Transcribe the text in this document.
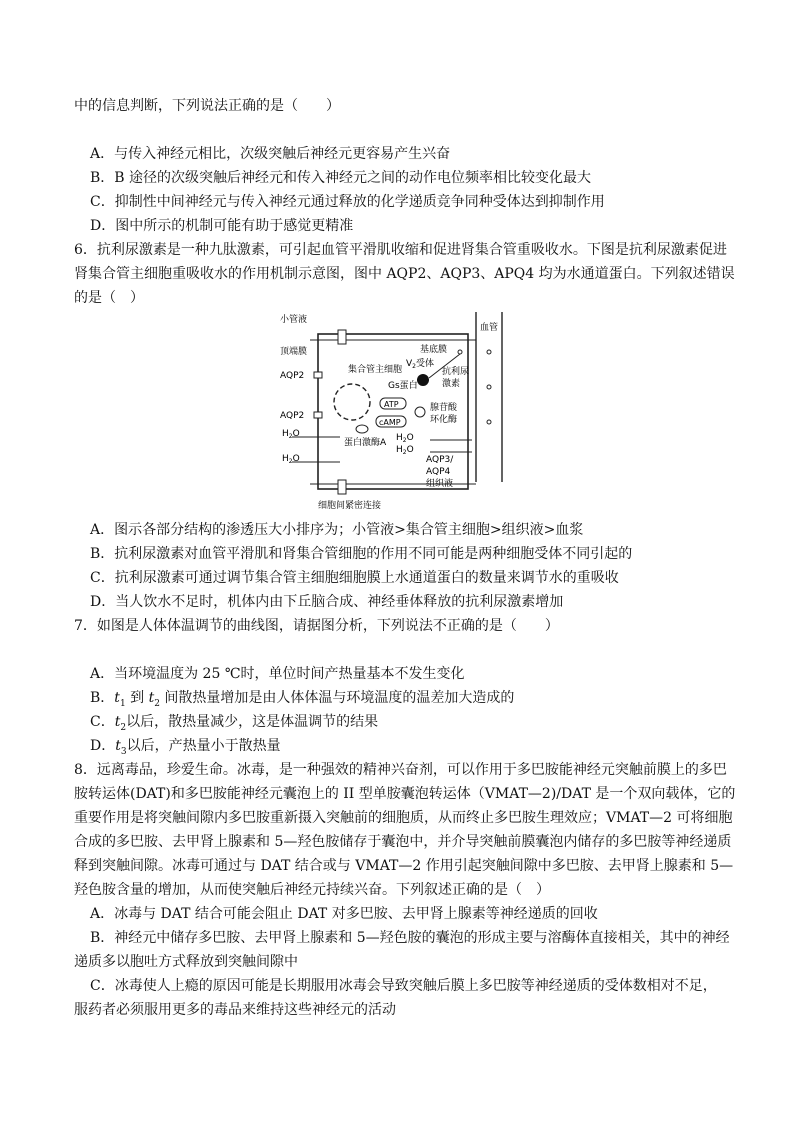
中的信息判断，下列说法正确的是（　　）
A．与传入神经元相比，次级突触后神经元更容易产生兴奋
B．B 途径的次级突触后神经元和传入神经元之间的动作电位频率相比较变化最大
C．抑制性中间神经元与传入神经元通过释放的化学递质竞争同种受体达到抑制作用
D．图中所示的机制可能有助于感觉更精准
6．抗利尿激素是一种九肽激素，可引起血管平滑肌收缩和促进肾集合管重吸收水。下图是抗利尿激素促进
肾集合管主细胞重吸收水的作用机制示意图，图中 AQP2、AQP3、APQ4 均为水通道蛋白。下列叙述错误
的是（　）
小管液
顶端膜
AQP2
AQP2
$H_2O$
$H_2O$
集合管主细胞
$V_2$受体
基底膜
Gs蛋白
ATP
cAMP
腺苷酸
环化酶
抗利尿
激素
蛋白激酶A $H_2O$
$H_2O$
AQP3/
AQP4
组织液
血管
细胞间紧密连接
A．图示各部分结构的渗透压大小排序为；小管液>集合管主细胞>组织液>血浆
B．抗利尿激素对血管平滑肌和肾集合管细胞的作用不同可能是两种细胞受体不同引起的
C．抗利尿激素可通过调节集合管主细胞细胞膜上水通道蛋白的数量来调节水的重吸收
D．当人饮水不足时，机体内由下丘脑合成、神经垂体释放的抗利尿激素增加
7．如图是人体体温调节的曲线图，请据图分析，下列说法不正确的是（　　）
A．当环境温度为 25 ℃时，单位时间产热量基本不发生变化
B．$t_1$ 到 $t_2$ 间散热量增加是由人体体温与环境温度的温差加大造成的
C．$t_2$以后，散热量减少，这是体温调节的结果
D．$t_3$以后，产热量小于散热量
8．远离毒品，珍爱生命。冰毒，是一种强效的精神兴奋剂，可以作用于多巴胺能神经元突触前膜上的多巴
胺转运体(DAT)和多巴胺能神经元囊泡上的 II 型单胺囊泡转运体（VMAT—2)/DAT 是一个双向载体，它的
重要作用是将突触间隙内多巴胺重新摄入突触前的细胞质，从而终止多巴胺生理效应；VMAT—2 可将细胞
合成的多巴胺、去甲肾上腺素和 5—羟色胺储存于囊泡中，并介导突触前膜囊泡内储存的多巴胺等神经递质
释到突触间隙。冰毒可通过与 DAT 结合或与 VMAT—2 作用引起突触间隙中多巴胺、去甲肾上腺素和 5—
羟色胺含量的增加，从而使突触后神经元持续兴奋。下列叙述正确的是（　）
A．冰毒与 DAT 结合可能会阻止 DAT 对多巴胺、去甲肾上腺素等神经递质的回收
B．神经元中储存多巴胺、去甲肾上腺素和 5—羟色胺的囊泡的形成主要与溶酶体直接相关，其中的神经
递质多以胞吐方式释放到突触间隙中
C．冰毒使人上瘾的原因可能是长期服用冰毒会导致突触后膜上多巴胺等神经递质的受体数相对不足，
服药者必须服用更多的毒品来维持这些神经元的活动
